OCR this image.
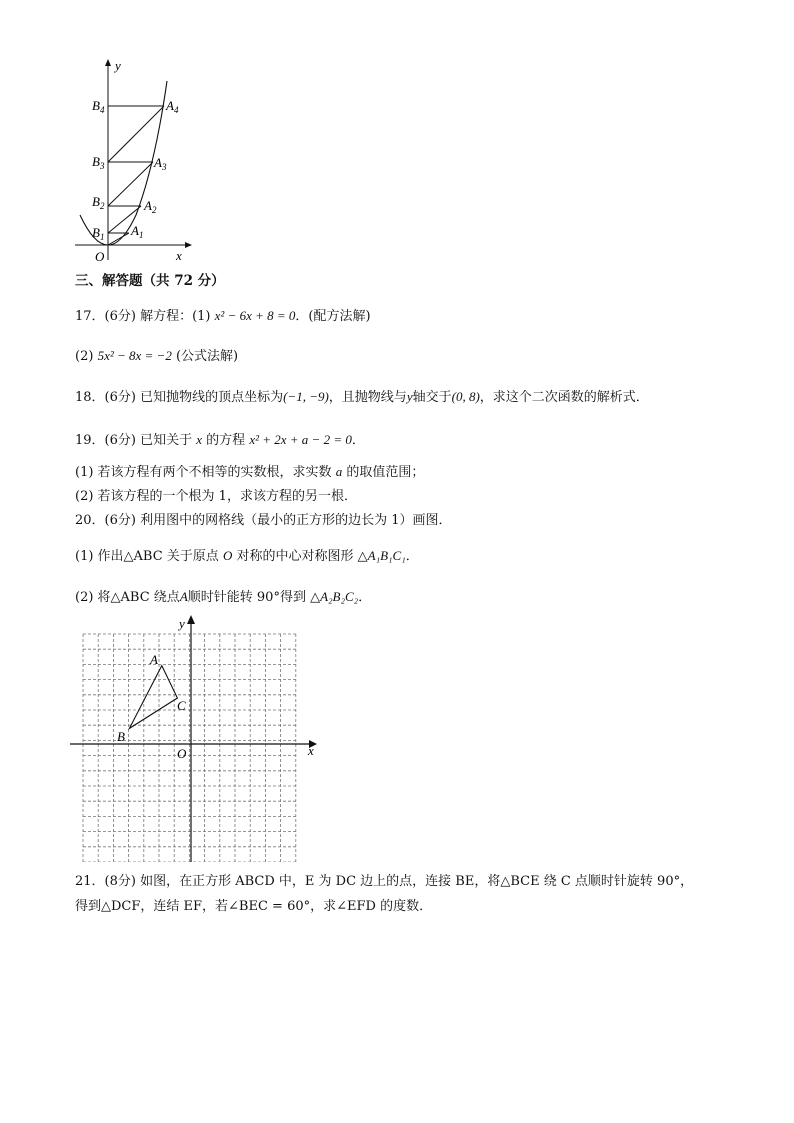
y
x
O
$B_1$
$B_2$
$B_3$
$B_4$
$A_1$
$A_2$
$A_3$
$A_4$
三、解答题（共 72 分）
17．(6分) 解方程：(1) x² − 6x + 8 = 0．(配方法解)
(2) 5x² − 8x = −2 (公式法解)
18．(6分) 已知抛物线的顶点坐标为(−1, −9)，且抛物线与y轴交于(0, 8)，求这个二次函数的解析式．
19．(6分) 已知关于 x 的方程 x² + 2x + a − 2 = 0．
(1) 若该方程有两个不相等的实数根，求实数 a 的取值范围；
(2) 若该方程的一个根为 1，求该方程的另一根．
20．(6分) 利用图中的网格线（最小的正方形的边长为 1）画图．
(1) 作出△ABC 关于原点 O 对称的中心对称图形 △A₁B₁C₁．
(2) 将△ABC 绕点A顺时针能转 90°得到 △A₂B₂C₂．
y
x
O
A
B
C
21．(8分) 如图，在正方形 ABCD 中，E 为 DC 边上的点，连接 BE，将△BCE 绕 C 点顺时针旋转 90°，
得到△DCF，连结 EF，若∠BEC = 60°，求∠EFD 的度数．
